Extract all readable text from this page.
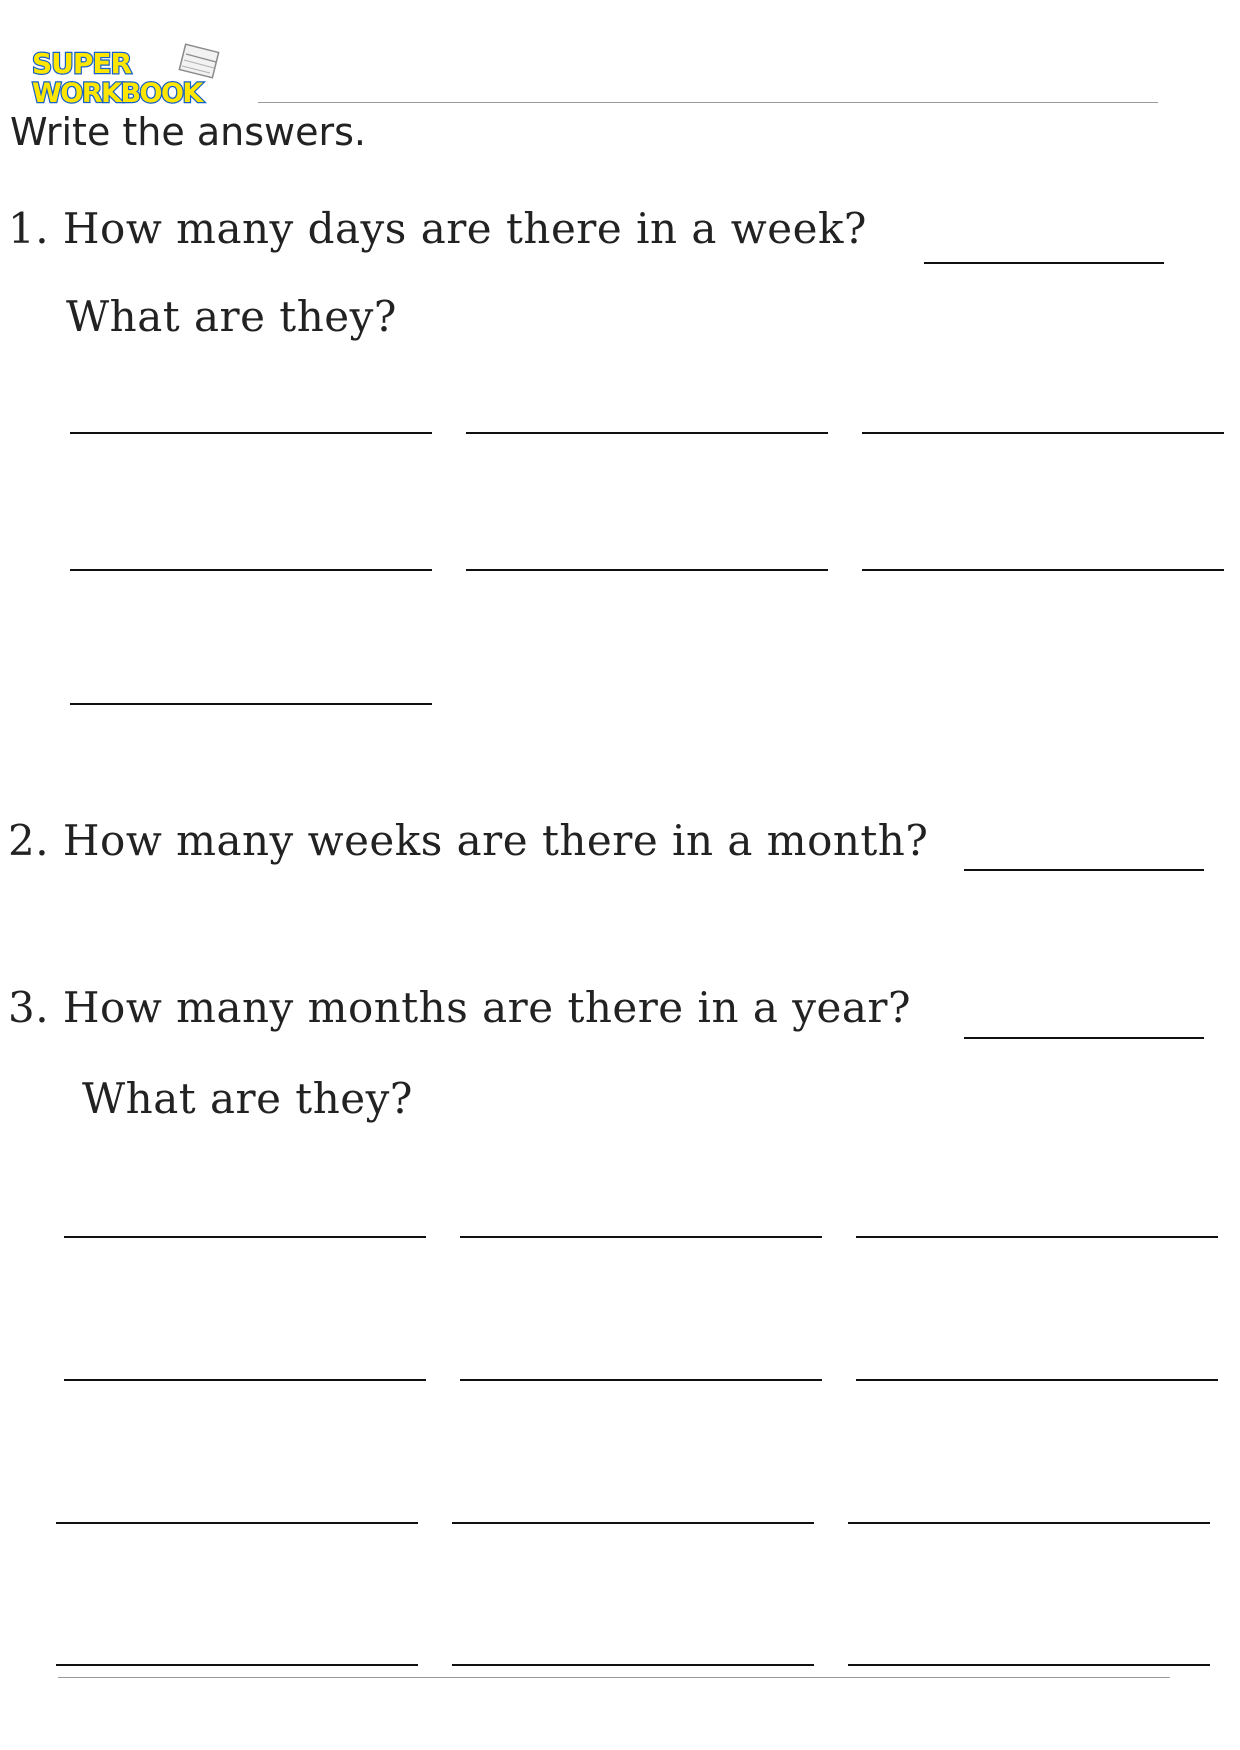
SUPER
WORKBOOK
Write the answers.
1. How many days are there in a week?
What are they?
2. How many weeks are there in a month?
3. How many months are there in a year?
What are they?
